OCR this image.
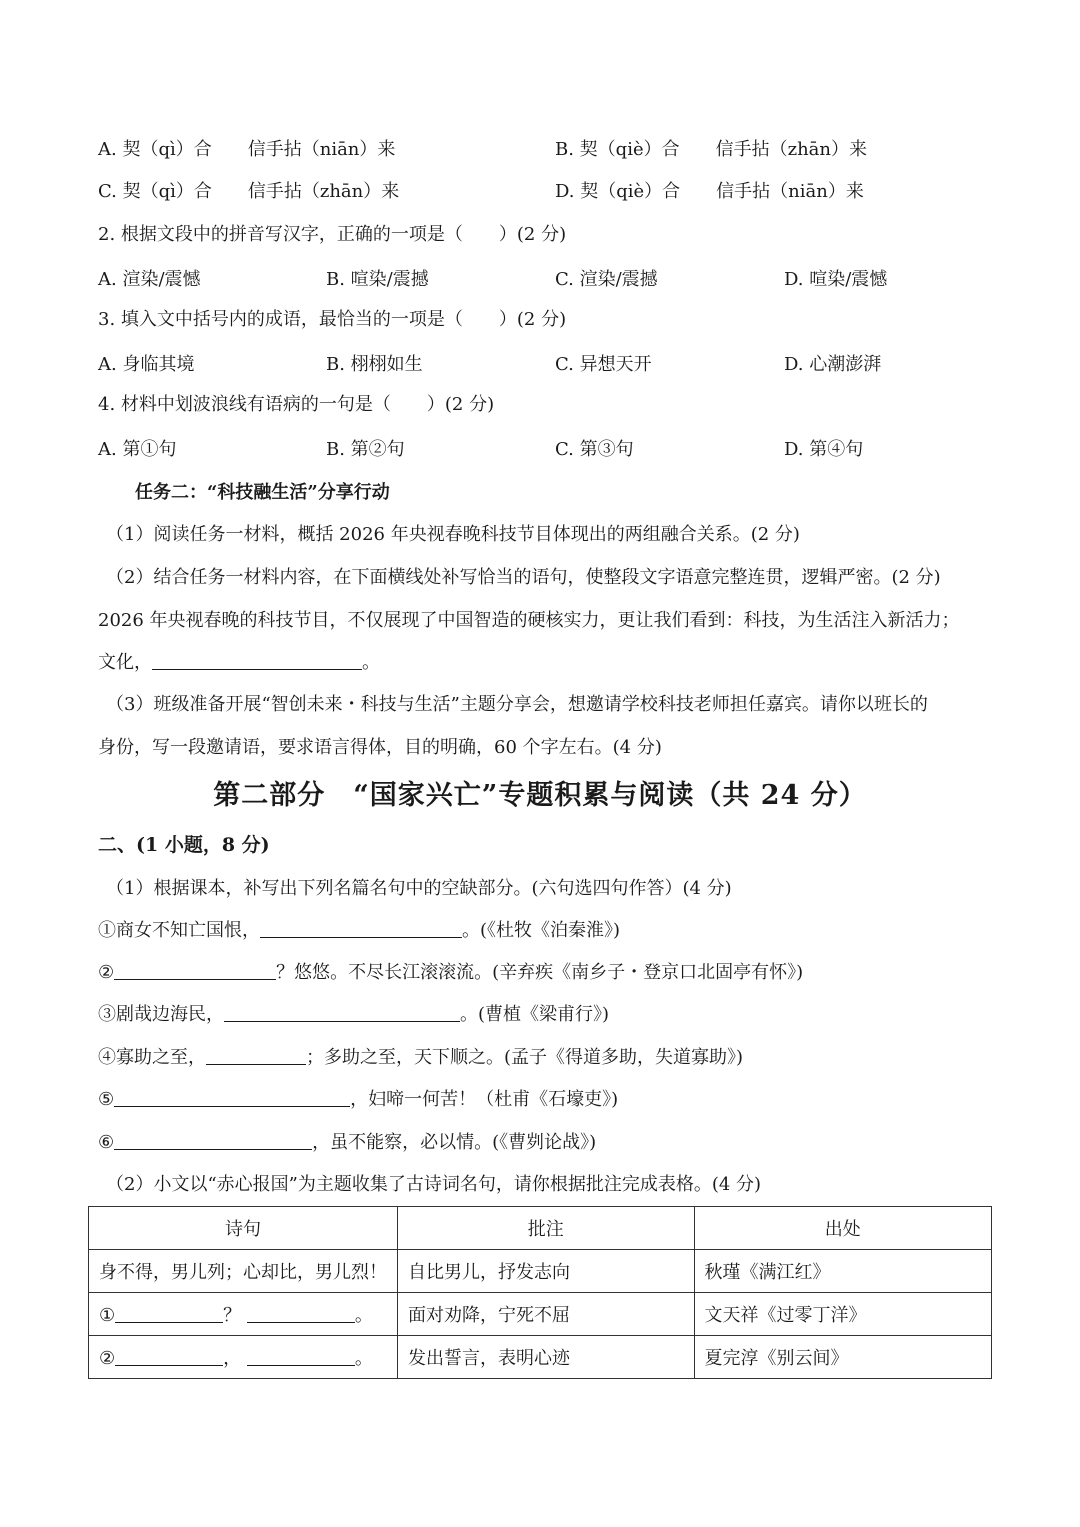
A. 契（qì）合　　信手拈（niān）来	B. 契（qiè）合　　信手拈（zhān）来
C. 契（qì）合　　信手拈（zhān）来	D. 契（qiè）合　　信手拈（niān）来
2. 根据文段中的拼音写汉字，正确的一项是（　　）(2 分)
A. 渲染/震憾	B. 喧染/震撼	C. 渲染/震撼	D. 喧染/震憾
3. 填入文中括号内的成语，最恰当的一项是（　　）(2 分)
A. 身临其境	B. 栩栩如生	C. 异想天开	D. 心潮澎湃
4. 材料中划波浪线有语病的一句是（　　）(2 分)
A. 第①句	B. 第②句	C. 第③句	D. 第④句
任务二：“科技融生活”分享行动
（1）阅读任务一材料，概括 2026 年央视春晚科技节目体现出的两组融合关系。(2 分)
（2）结合任务一材料内容，在下面横线处补写恰当的语句，使整段文字语意完整连贯，逻辑严密。(2 分)
2026 年央视春晚的科技节目，不仅展现了中国智造的硬核实力，更让我们看到：科技，为生活注入新活力；
文化，	。
（3）班级准备开展“智创未来・科技与生活”主题分享会，想邀请学校科技老师担任嘉宾。请你以班长的
身份，写一段邀请语，要求语言得体，目的明确，60 个字左右。(4 分)
第二部分　“国家兴亡”专题积累与阅读（共 24 分）
二、(1 小题，8 分)
（1）根据课本，补写出下列名篇名句中的空缺部分。(六句选四句作答）(4 分)
①商女不知亡国恨，	。(《杜牧《泊秦淮》)
②	？悠悠。不尽长江滚滚流。(辛弃疾《南乡子・登京口北固亭有怀》)
③剧哉边海民，	。(曹植《梁甫行》)
④寡助之至，	；多助之至，天下顺之。(孟子《得道多助，失道寡助》)
⑤	，妇啼一何苦！（杜甫《石壕吏》)
⑥	，虽不能察，必以情。(《曹刿论战》)
（2）小文以“赤心报国”为主题收集了古诗词名句，请你根据批注完成表格。(4 分)
诗句	批注	出处
身不得，男儿列；心却比，男儿烈！	自比男儿，抒发志向	秋瑾《满江红》
① ？ 。	面对劝降，宁死不屈	文天祥《过零丁洋》
② ， 。	发出誓言，表明心迹	夏完淳《别云间》
